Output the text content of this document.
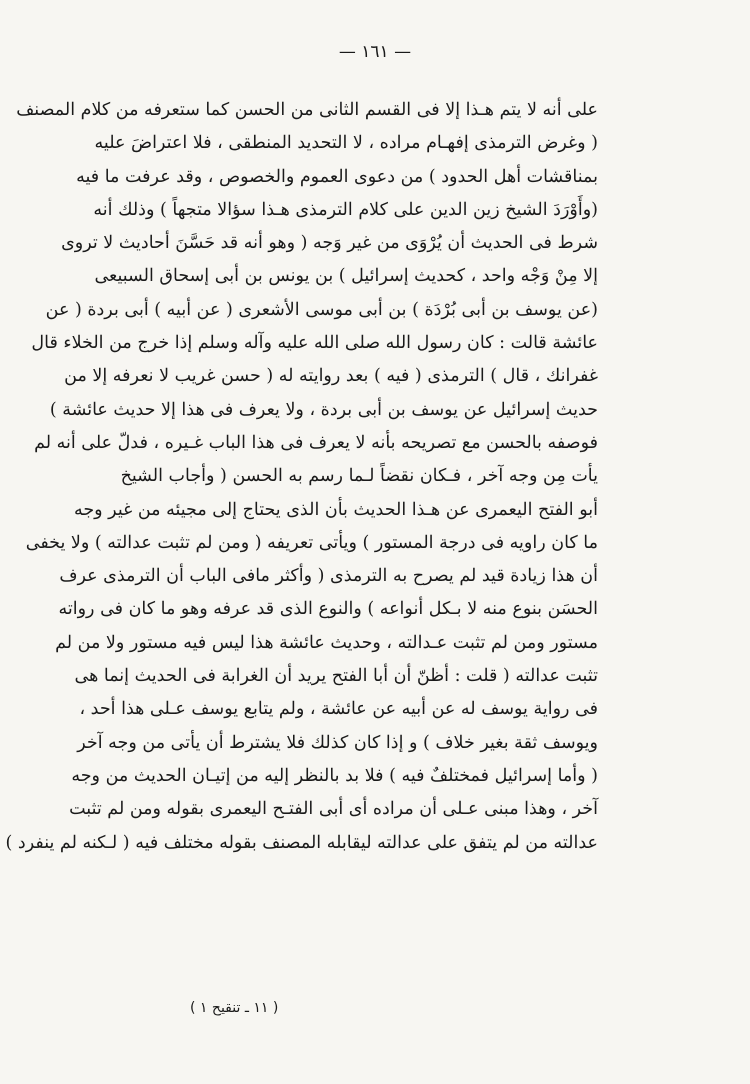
— ١٦١ —
على أنه لا يتم هـذا إلا فى القسم الثانى من الحسن كما ستعرفه من كلام المصنف
( وغرض الترمذى إفهـام مراده ، لا التحديد المنطقى ، فلا اعتراضَ عليه
بمناقشات أهل الحدود ) من دعوى العموم والخصوص ، وقد عرفت ما فيه
(وأَوْرَدَ الشيخ زين الدين على كلام الترمذى هـذا سؤالا متجهاً ) وذلك أنه
شرط فى الحديث أن يُرْوَى من غير وَجه ( وهو أنه قد حَسَّنَ أحاديث لا تروى
إلا مِنْ وَجْه واحد ، كحديث إسرائيل ) بن يونس بن أبى إسحاق السبيعى
(عن يوسف بن أبى بُرْدَة ) بن أبى موسى الأشعرى ( عن أبيه ) أبى بردة ( عن
عائشة قالت : كان رسول الله صلى الله عليه وآله وسلم إذا خرج من الخلاء قال
غفرانك ، قال ) الترمذى ( فيه ) بعد روايته له ( حسن غريب لا نعرفه إلا من
حديث إسرائيل عن يوسف بن أبى بردة ، ولا يعرف فى هذا إلا حديث عائشة )
فوصفه بالحسن مع تصريحه بأنه لا يعرف فى هذا الباب غـيره ، فدلّ على أنه لم
يأت مِن وجه آخر ، فـكان نقضاً لـما رسم به الحسن ( وأجاب الشيخ
أبو الفتح اليعمرى عن هـذا الحديث بأن الذى يحتاج إلى مجيئه من غير وجه
ما كان راويه فى درجة المستور ) ويأتى تعريفه ( ومن لم تثبت عدالته ) ولا يخفى
أن هذا زيادة قيد لم يصرح به الترمذى ( وأكثر مافى الباب أن الترمذى عرف
الحسَن بنوع منه لا بـكل أنواعه ) والنوع الذى قد عرفه وهو ما كان فى رواته
مستور ومن لم تثبت عـدالته ، وحديث عائشة هذا ليس فيه مستور ولا من لم
تثبت عدالته ( قلت : أظنّ أن أبا الفتح يريد أن الغرابة فى الحديث إنما هى
فى رواية يوسف له عن أبيه عن عائشة ، ولم يتابع يوسف عـلى هذا أحد ،
ويوسف ثقة بغير خلاف ) و إذا كان كذلك فلا يشترط أن يأتى من وجه آخر
( وأما إسرائيل فمختلفٌ فيه ) فلا بد بالنظر إليه من إتيـان الحديث من وجه
آخر ، وهذا مبنى عـلى أن مراده أى أبى الفتـح اليعمرى بقوله ومن لم تثبت
عدالته من لم يتفق على عدالته ليقابله المصنف بقوله مختلف فيه ( لـكنه لم ينفرد )
( ١١ ـ تنقيح ١ )
